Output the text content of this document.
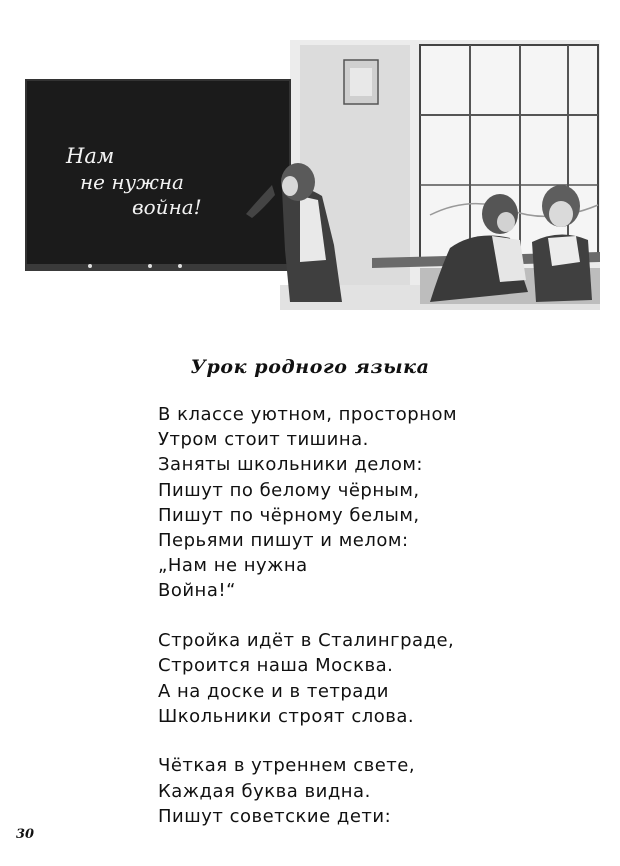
Нам
не нужна
война!
Урок родного языка
В классе уютном, просторном
Утром стоит тишина.
Заняты школьники делом:
Пишут по белому чёрным,
Пишут по чёрному белым,
Перьями пишут и мелом:
„Нам не нужна
Война!“
Стройка идёт в Сталинграде,
Строится наша Москва.
А на доске и в тетради
Школьники строят слова.
Чёткая в утреннем свете,
Каждая буква видна.
Пишут советские дети:
30
